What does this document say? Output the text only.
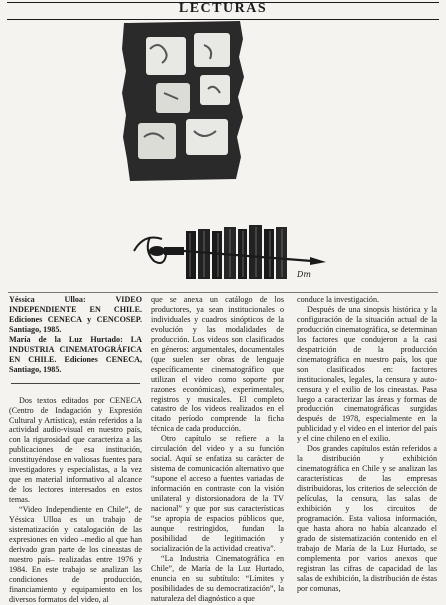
LECTURAS
Dm

Yéssica Ulloa: VIDEO INDEPENDIENTE EN CHILE. Ediciones CENECA y CENCOSEP. Santiago, 1985.

María de la Luz Hurtado: LA INDUSTRIA CINEMATOGRÁFICA EN CHILE. Ediciones CENECA, Santiago, 1985.

Dos textos editados por CENECA (Centro de Indagación y Expresión Cultural y Artística), están referidos a la actividad audio-visual en nuestro país, con la rigurosidad que caracteriza a las publicaciones de esa institución, constituyéndose en valiosas fuentes para investigadores y especialistas, a la vez que en material informativo al alcance de los lectores interesados en estos temas.

“Video Independiente en Chile”, de Yéssica Ulloa es un trabajo de sistematización y catalogación de las expresiones en video –medio al que han derivado gran parte de los cineastas de nuestro país– realizadas entre 1976 y 1984. En este trabajo se analizan las condiciones de producción, financiamiento y equipamiento en los diversos formatos del video, al

que se anexa un catálogo de los productores, ya sean institucionales o individuales y cuadros sinópticos de la evolución y las modalidades de producción. Los videos son clasificados en géneros: argumentales, documentales (que suelen ser obras de lenguaje específicamente cinematográfico que utilizan el video como soporte por razones económicas), experimentales, registros y musicales. El completo catastro de los videos realizados en el citado período comprende la ficha técnica de cada producción.

Otro capítulo se refiere a la circulación del video y a su función social. Aquí se enfatiza su carácter de sistema de comunicación alternativo que “supone el acceso a fuentes variadas de información en contraste con la visión unilateral y distorsionadora de la TV nacional” y que por sus características “se apropia de espacios públicos que, aunque restringidos, fundan la posibilidad de legitimación y socialización de la actividad creativa”.

“La Industria Cinematográfica en Chile”, de María de la Luz Hurtado, enuncia en su subtítulo: “Límites y posibilidades de su democratización”, la naturaleza del diagnóstico a que

conduce la investigación.

Después de una sinopsis histórica y la configuración de la situación actual de la producción cinematográfica, se determinan los factores que condujeron a la casi despatrición de la producción cinematográfica en nuestro país, los que son clasificados en: factores institucionales, legales, la censura y auto-censura y el exilio de los cineastas. Pasa luego a caracterizar las áreas y formas de producción cinematográficas surgidas después de 1978, especialmente en la publicidad y el video en el interior del país y el cine chileno en el exilio.

Dos grandes capítulos están referidos a la distribución y exhibición cinematográfica en Chile y se analizan las características de las empresas distribuidoras, los criterios de selección de películas, la censura, las salas de exhibición y los circuitos de programación. Esta valiosa información, que hasta ahora no había alcanzado el grado de sistematización contenido en el trabajo de María de la Luz Hurtado, se complementa por varios anexos que registran las cifras de capacidad de las salas de exhibición, la distribución de éstas por comunas,
